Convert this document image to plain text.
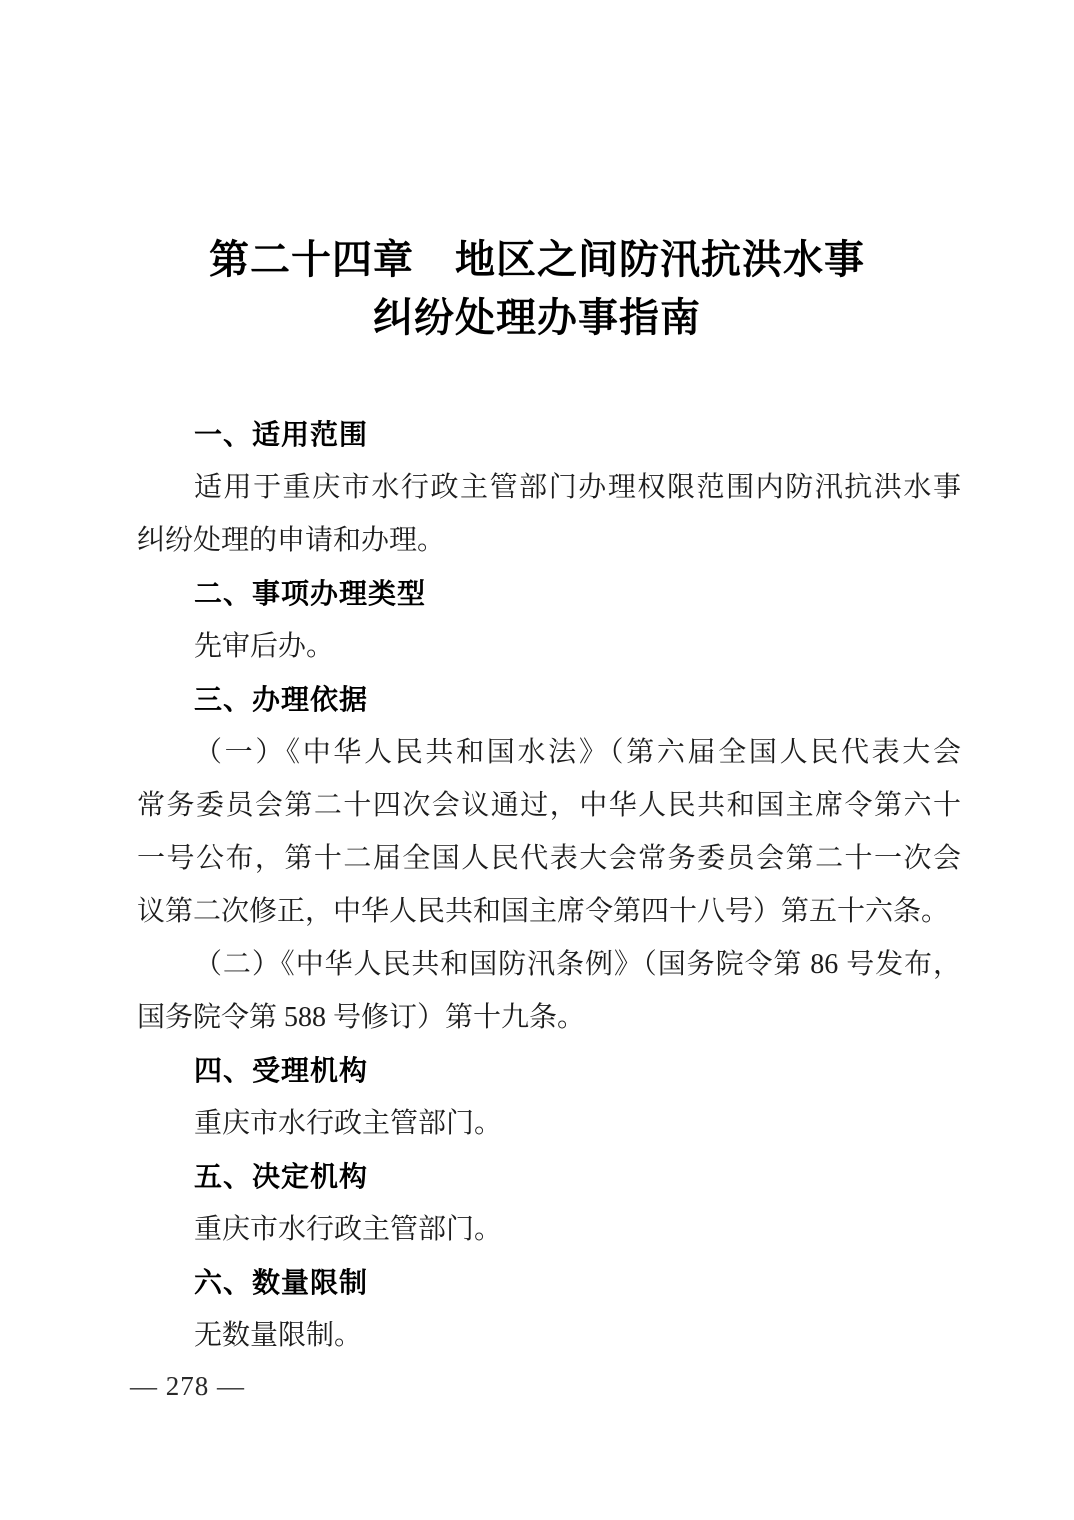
第二十四章　地区之间防汛抗洪水事
纠纷处理办事指南
一、适用范围
适用于重庆市水行政主管部门办理权限范围内防汛抗洪水事
纠纷处理的申请和办理。
二、事项办理类型
先审后办。
三、办理依据
（一）《中华人民共和国水法》（第六届全国人民代表大会
常务委员会第二十四次会议通过，中华人民共和国主席令第六十
一号公布，第十二届全国人民代表大会常务委员会第二十一次会
议第二次修正，中华人民共和国主席令第四十八号）第五十六条。
（二）《中华人民共和国防汛条例》（国务院令第 86 号发布，
国务院令第 588 号修订）第十九条。
四、受理机构
重庆市水行政主管部门。
五、决定机构
重庆市水行政主管部门。
六、数量限制
无数量限制。
— 278 —
